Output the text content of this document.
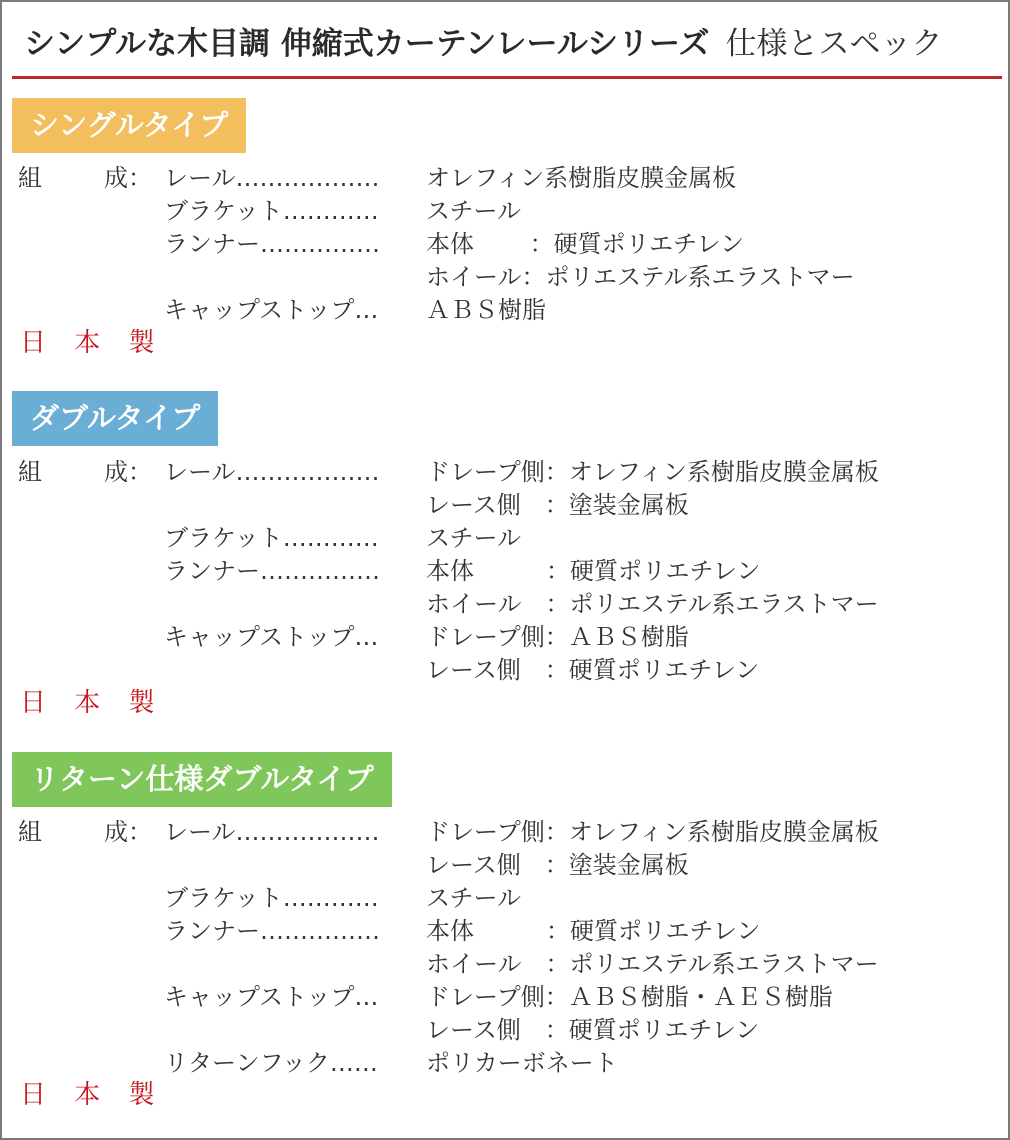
シンプルな木目調 伸縮式カーテンレールシリーズ 仕様とスペック
シングルタイプ
組	成： レール……………… オレフィン系樹脂皮膜金属板
ブラケット………… スチール
ランナー…………… 本体　　 ：硬質ポリエチレン
ホイール：ポリエステル系エラストマー
キャップストップ… ＡＢＳ樹脂
日 本 製
ダブルタイプ
組	成： レール……………… ドレープ側：オレフィン系樹脂皮膜金属板
レース側　：塗装金属板
ブラケット………… スチール
ランナー…………… 本体　　　：硬質ポリエチレン
ホイール　：ポリエステル系エラストマー
キャップストップ… ドレープ側：ＡＢＳ樹脂
レース側　：硬質ポリエチレン
日 本 製
リターン仕様ダブルタイプ
組	成： レール……………… ドレープ側：オレフィン系樹脂皮膜金属板
レース側　：塗装金属板
ブラケット………… スチール
ランナー…………… 本体　　　：硬質ポリエチレン
ホイール　：ポリエステル系エラストマー
キャップストップ… ドレープ側：ＡＢＳ樹脂・ＡＥＳ樹脂
レース側　：硬質ポリエチレン
リターンフック…… ポリカーボネート
日 本 製
